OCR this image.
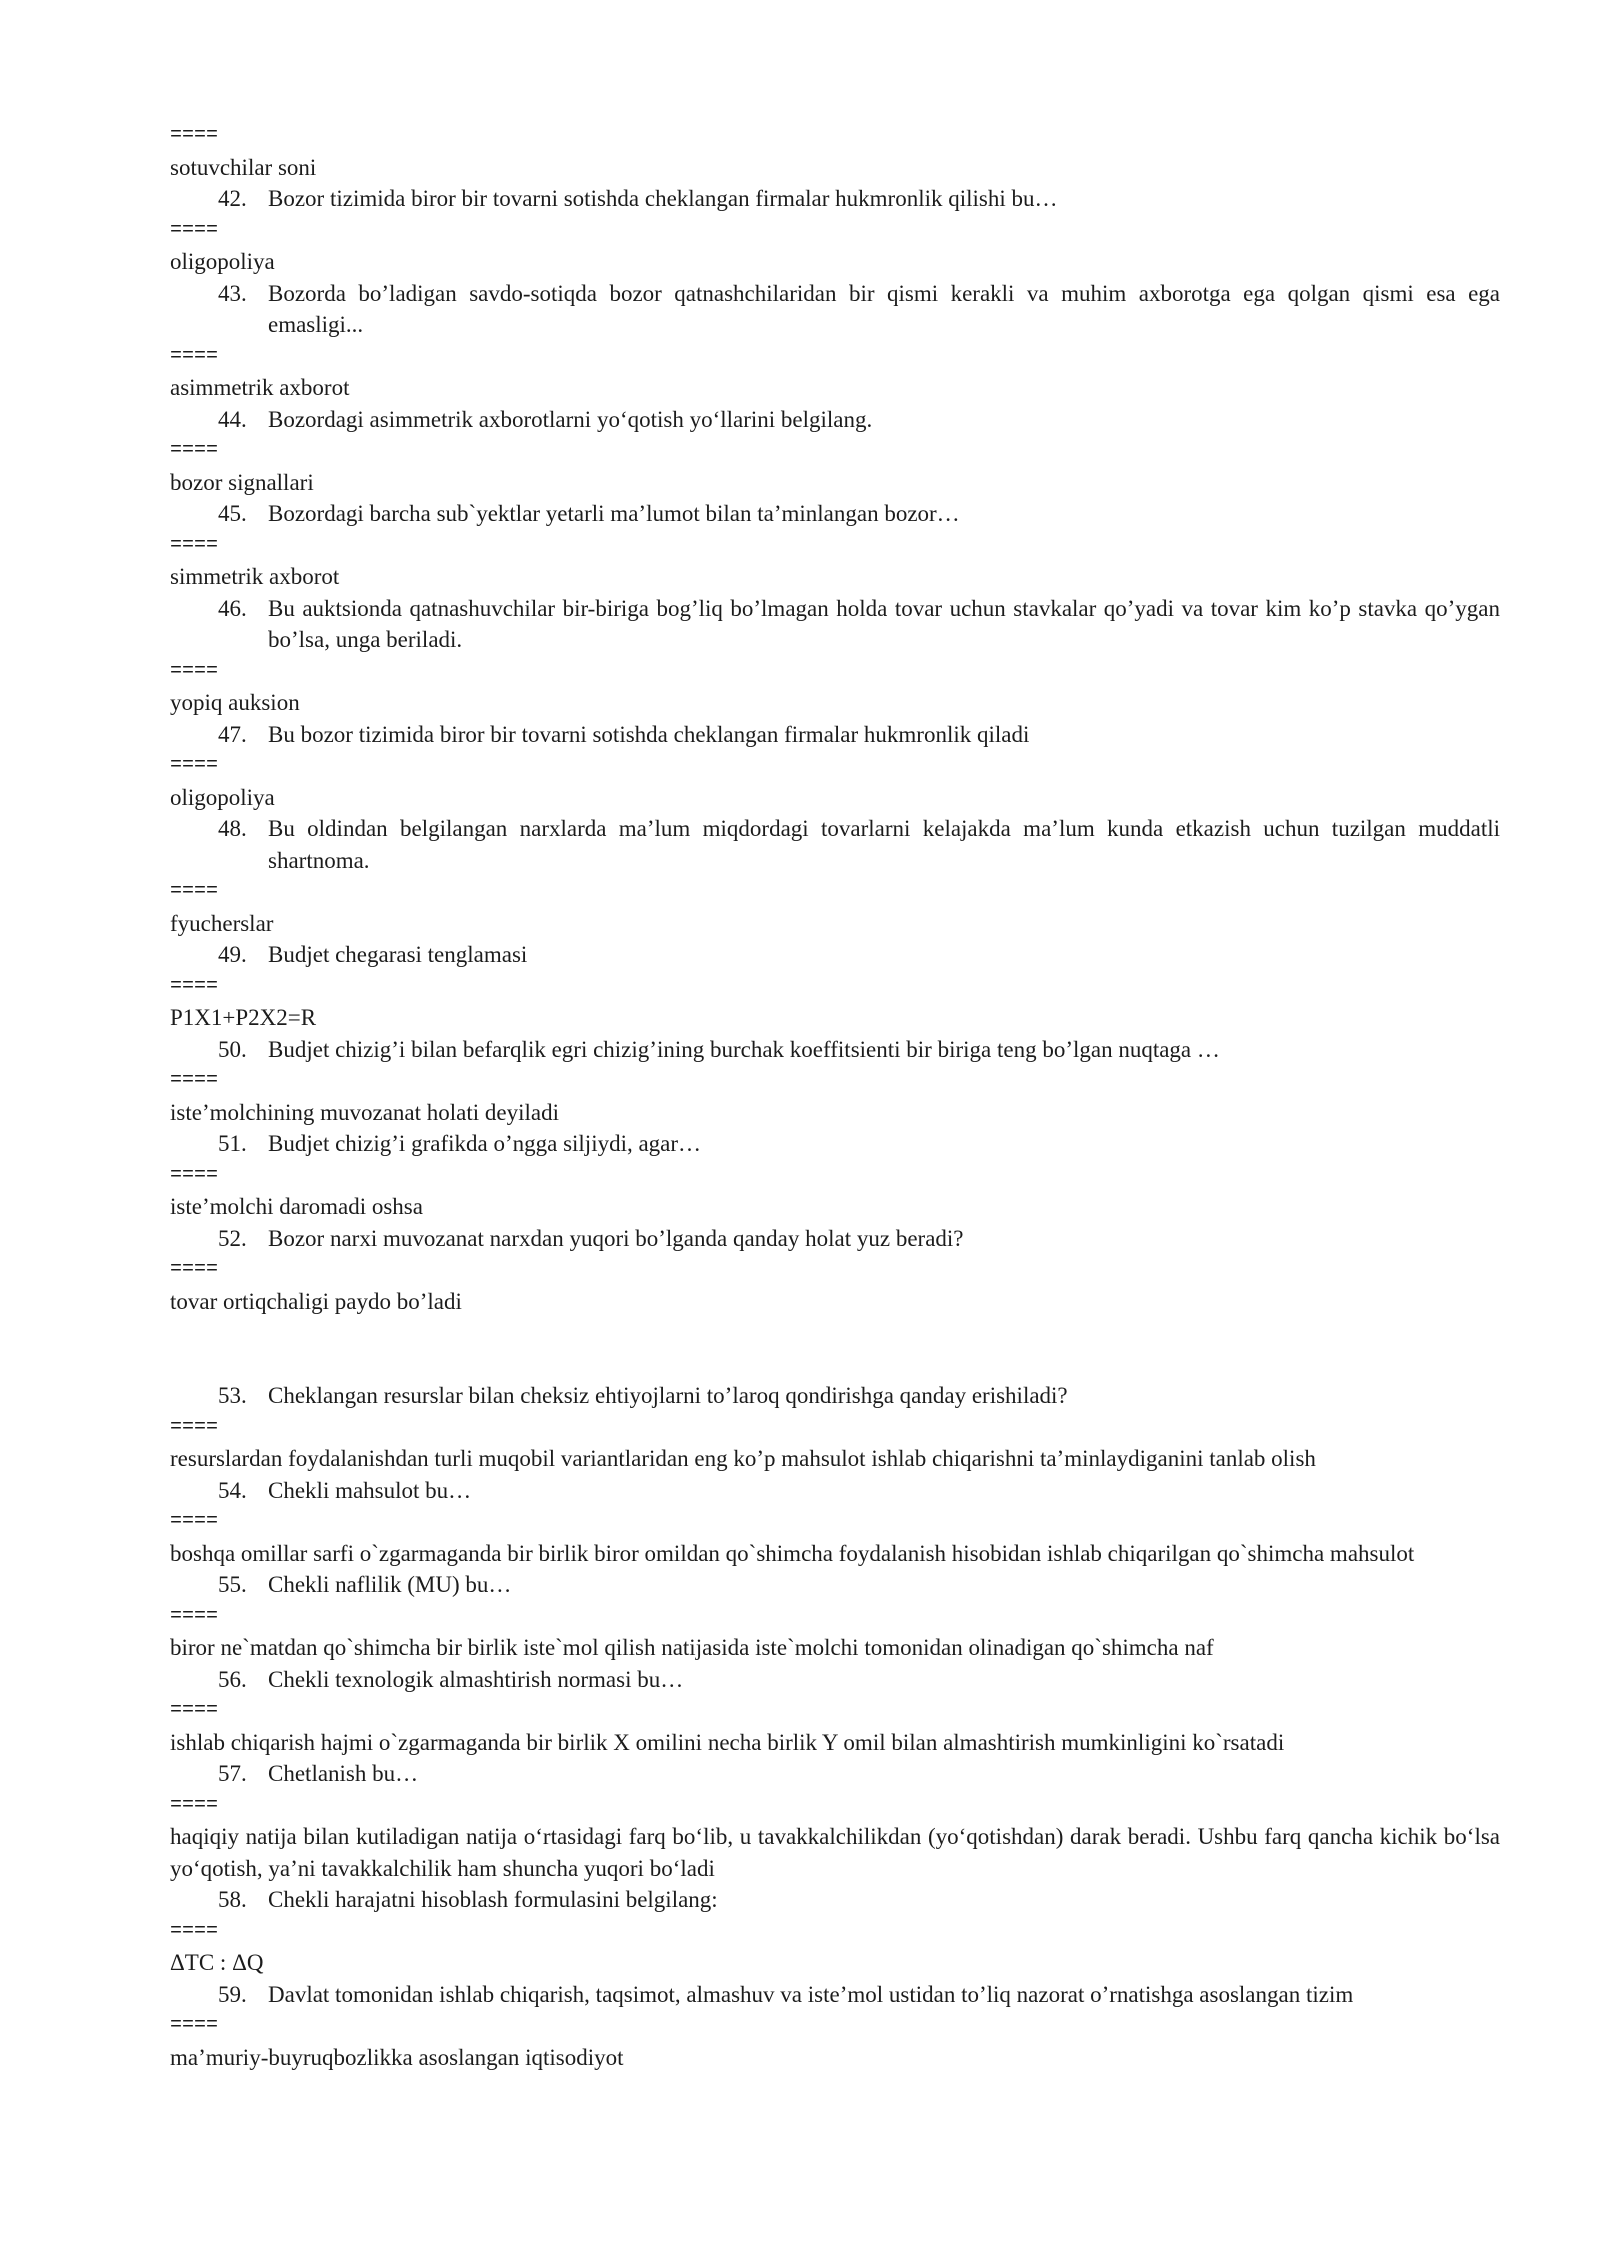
====
sotuvchilar soni
42. Bozor tizimida biror bir tovarni sotishda cheklangan firmalar hukmronlik qilishi bu…
====
oligopoliya
43. Bozorda bo’ladigan savdo-sotiqda bozor qatnashchilaridan bir qismi kerakli va muhim axborotga ega qolgan qismi esa ega emasligi...
====
asimmetrik axborot
44. Bozordagi asimmetrik axborotlarni yo‘qotish yo‘llarini belgilang.
====
bozor signallari
45. Bozordagi barcha sub`yektlar yetarli ma’lumot bilan ta’minlangan bozor…
====
simmetrik axborot
46. Bu auktsionda qatnashuvchilar bir-biriga bog’liq bo’lmagan holda tovar uchun stavkalar qo’yadi va tovar kim ko’p stavka qo’ygan bo’lsa, unga beriladi.
====
yopiq auksion
47. Bu bozor tizimida biror bir tovarni sotishda cheklangan firmalar hukmronlik qiladi
====
oligopoliya
48. Bu oldindan belgilangan narxlarda ma’lum miqdordagi tovarlarni kelajakda ma’lum kunda etkazish uchun tuzilgan muddatli shartnoma.
====
fyucherslar
49. Budjet chegarasi tenglamasi
====
P1X1+P2X2=R
50. Budjet chizig’i bilan befarqlik egri chizig’ining burchak koeffitsienti bir biriga teng bo’lgan nuqtaga …
====
iste’molchining muvozanat holati deyiladi
51. Budjet chizig’i grafikda o’ngga siljiydi, agar…
====
iste’molchi daromadi oshsa
52. Bozor narxi muvozanat narxdan yuqori bo’lganda qanday holat yuz beradi?
====
tovar ortiqchaligi paydo bo’ladi
53. Cheklangan resurslar bilan cheksiz ehtiyojlarni to’laroq qondirishga qanday erishiladi?
====
resurslardan foydalanishdan turli muqobil variantlaridan eng ko’p mahsulot ishlab chiqarishni ta’minlaydiganini tanlab olish
54. Chekli mahsulot bu…
====
boshqa omillar sarfi o`zgarmaganda bir birlik biror omildan qo`shimcha foydalanish hisobidan ishlab chiqarilgan qo`shimcha mahsulot
55. Chekli naflilik (MU) bu…
====
biror ne`matdan qo`shimcha bir birlik iste`mol qilish natijasida iste`molchi tomonidan olinadigan qo`shimcha naf
56. Chekli texnologik almashtirish normasi bu…
====
ishlab chiqarish hajmi o`zgarmaganda bir birlik X omilini necha birlik Y omil bilan almashtirish mumkinligini ko`rsatadi
57. Chetlanish bu…
====
haqiqiy natija bilan kutiladigan natija o‘rtasidagi farq bo‘lib, u tavakkalchilikdan (yo‘qotishdan) darak beradi. Ushbu farq qancha kichik bo‘lsa yo‘qotish, ya’ni tavakkalchilik ham shuncha yuqori bo‘ladi
58. Chekli harajatni hisoblash formulasini belgilang:
====
ΔTC : ΔQ
59. Davlat tomonidan ishlab chiqarish, taqsimot, almashuv va iste’mol ustidan to’liq nazorat o’rnatishga asoslangan tizim
====
ma’muriy-buyruqbozlikka asoslangan iqtisodiyot
